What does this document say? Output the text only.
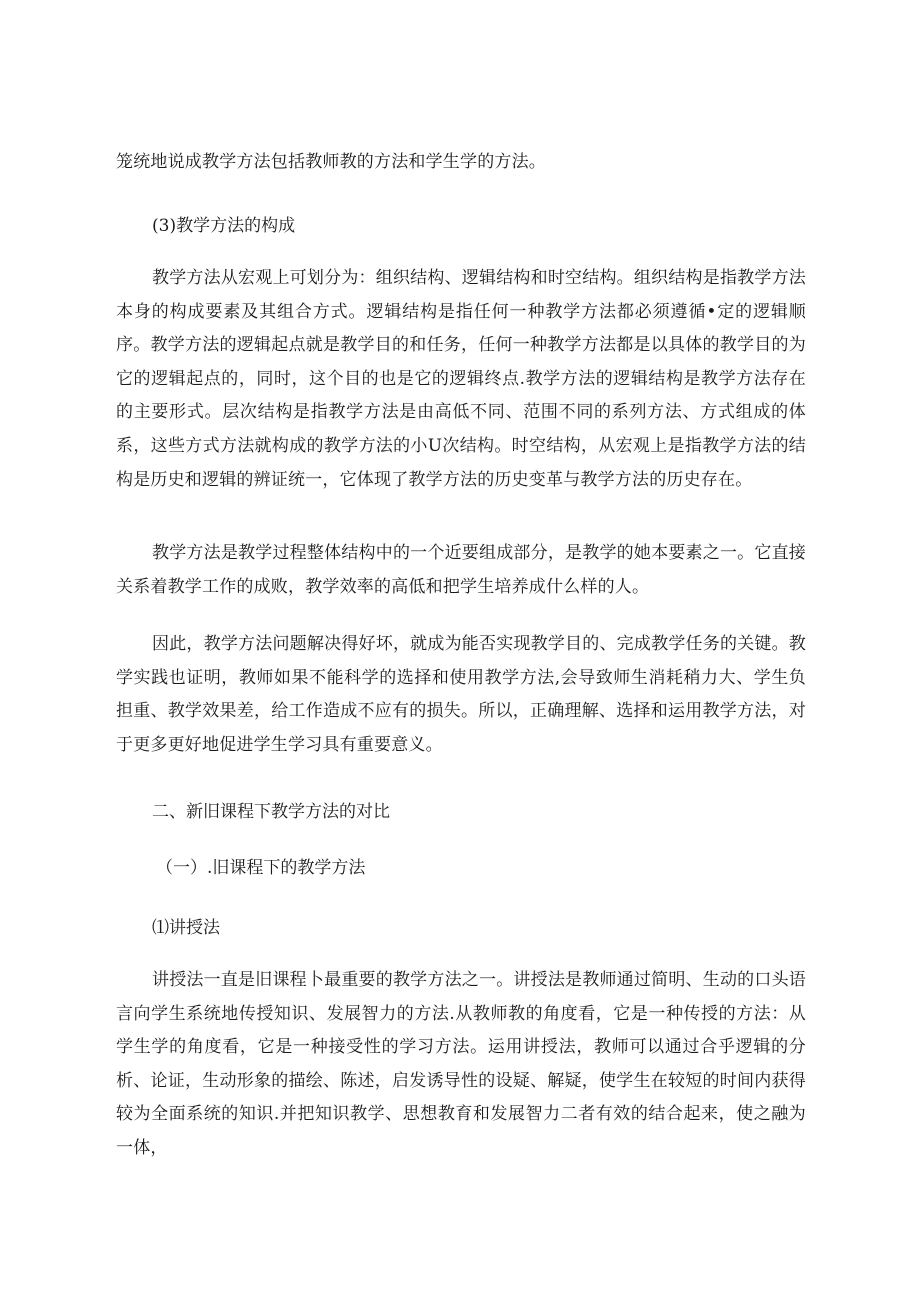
笼统地说成教学方法包括教师教的方法和学生学的方法。

(3)教学方法的构成

教学方法从宏观上可划分为：组织结构、逻辑结构和时空结构。组织结构是指教学方法本身的构成要素及其组合方式。逻辑结构是指任何一种教学方法都必须遵循•定的逻辑顺序。教学方法的逻辑起点就是教学目的和任务，任何一种教学方法都是以具体的教学目的为它的逻辑起点的，同时，这个目的也是它的逻辑终点.教学方法的逻辑结构是教学方法存在的主要形式。层次结构是指教学方法是由高低不同、范围不同的系列方法、方式组成的体系，这些方式方法就构成的教学方法的小U次结构。时空结构，从宏观上是指教学方法的结构是历史和逻辑的辨证统一，它体现了教学方法的历史变革与教学方法的历史存在。

教学方法是教学过程整体结构中的一个近要组成部分，是教学的她本要素之一。它直接关系着教学工作的成败，教学效率的高低和把学生培养成什么样的人。

因此，教学方法问题解决得好坏，就成为能否实现教学目的、完成教学任务的关键。教学实践也证明，教师如果不能科学的选择和使用教学方法,会导致师生消耗稍力大、学生负担重、教学效果差，给工作造成不应有的损失。所以，正确理解、选择和运用教学方法，对于更多更好地促进学生学习具有重要意义。

二、新旧课程下教学方法的对比

（一）.旧课程下的教学方法

⑴讲授法

讲授法一直是旧课程卜最重要的教学方法之一。讲授法是教师通过简明、生动的口头语言向学生系统地传授知识、发展智力的方法.从教师教的角度看，它是一种传授的方法：从学生学的角度看，它是一种接受性的学习方法。运用讲授法，教师可以通过合乎逻辑的分析、论证，生动形象的描绘、陈述，启发诱导性的设疑、解疑，使学生在较短的时间内获得较为全面系统的知识.并把知识教学、思想教育和发展智力二者有效的结合起来，使之融为一体，
